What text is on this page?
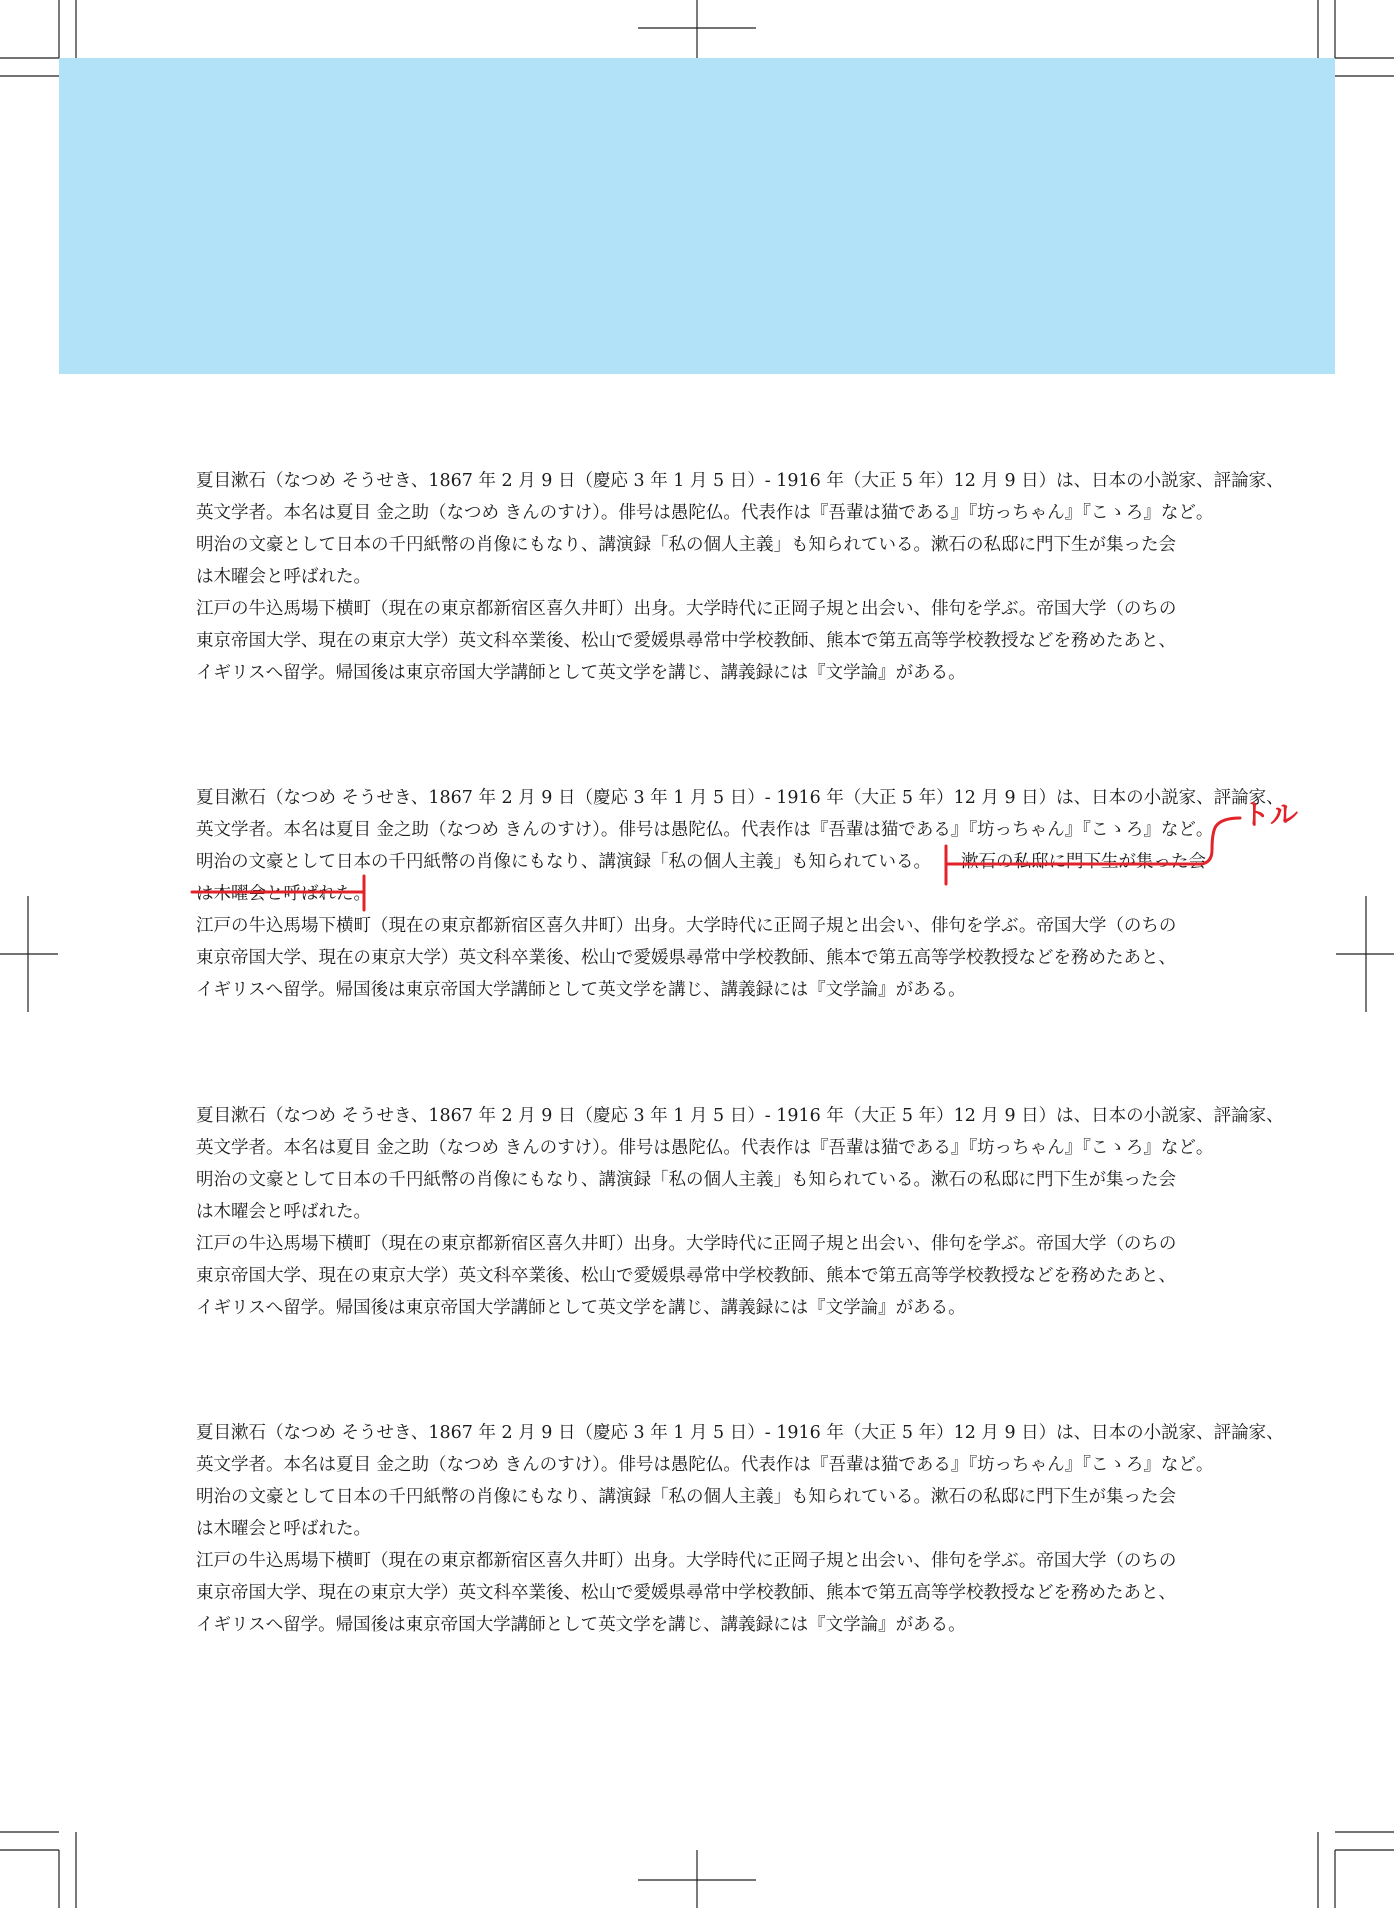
夏目漱石（なつめ そうせき、1867 年 2 月 9 日（慶応 3 年 1 月 5 日）- 1916 年（大正 5 年）12 月 9 日）は、日本の小説家、評論家、
英文学者。本名は夏目 金之助（なつめ きんのすけ）。俳号は愚陀仏。代表作は『吾輩は猫である』『坊っちゃん』『こゝろ』など。
明治の文豪として日本の千円紙幣の肖像にもなり、講演録「私の個人主義」も知られている。漱石の私邸に門下生が集った会
は木曜会と呼ばれた。
江戸の牛込馬場下横町（現在の東京都新宿区喜久井町）出身。大学時代に正岡子規と出会い、俳句を学ぶ。帝国大学（のちの
東京帝国大学、現在の東京大学）英文科卒業後、松山で愛媛県尋常中学校教師、熊本で第五高等学校教授などを務めたあと、
イギリスへ留学。帰国後は東京帝国大学講師として英文学を講じ、講義録には『文学論』がある。
夏目漱石（なつめ そうせき、1867 年 2 月 9 日（慶応 3 年 1 月 5 日）- 1916 年（大正 5 年）12 月 9 日）は、日本の小説家、評論家、
英文学者。本名は夏目 金之助（なつめ きんのすけ）。俳号は愚陀仏。代表作は『吾輩は猫である』『坊っちゃん』『こゝろ』など。
明治の文豪として日本の千円紙幣の肖像にもなり、講演録「私の個人主義」も知られている。 漱石の私邸に門下生が集った会
は木曜会と呼ばれた。
江戸の牛込馬場下横町（現在の東京都新宿区喜久井町）出身。大学時代に正岡子規と出会い、俳句を学ぶ。帝国大学（のちの
東京帝国大学、現在の東京大学）英文科卒業後、松山で愛媛県尋常中学校教師、熊本で第五高等学校教授などを務めたあと、
イギリスへ留学。帰国後は東京帝国大学講師として英文学を講じ、講義録には『文学論』がある。
夏目漱石（なつめ そうせき、1867 年 2 月 9 日（慶応 3 年 1 月 5 日）- 1916 年（大正 5 年）12 月 9 日）は、日本の小説家、評論家、
英文学者。本名は夏目 金之助（なつめ きんのすけ）。俳号は愚陀仏。代表作は『吾輩は猫である』『坊っちゃん』『こゝろ』など。
明治の文豪として日本の千円紙幣の肖像にもなり、講演録「私の個人主義」も知られている。漱石の私邸に門下生が集った会
は木曜会と呼ばれた。
江戸の牛込馬場下横町（現在の東京都新宿区喜久井町）出身。大学時代に正岡子規と出会い、俳句を学ぶ。帝国大学（のちの
東京帝国大学、現在の東京大学）英文科卒業後、松山で愛媛県尋常中学校教師、熊本で第五高等学校教授などを務めたあと、
イギリスへ留学。帰国後は東京帝国大学講師として英文学を講じ、講義録には『文学論』がある。
夏目漱石（なつめ そうせき、1867 年 2 月 9 日（慶応 3 年 1 月 5 日）- 1916 年（大正 5 年）12 月 9 日）は、日本の小説家、評論家、
英文学者。本名は夏目 金之助（なつめ きんのすけ）。俳号は愚陀仏。代表作は『吾輩は猫である』『坊っちゃん』『こゝろ』など。
明治の文豪として日本の千円紙幣の肖像にもなり、講演録「私の個人主義」も知られている。漱石の私邸に門下生が集った会
は木曜会と呼ばれた。
江戸の牛込馬場下横町（現在の東京都新宿区喜久井町）出身。大学時代に正岡子規と出会い、俳句を学ぶ。帝国大学（のちの
東京帝国大学、現在の東京大学）英文科卒業後、松山で愛媛県尋常中学校教師、熊本で第五高等学校教授などを務めたあと、
イギリスへ留学。帰国後は東京帝国大学講師として英文学を講じ、講義録には『文学論』がある。
トル
